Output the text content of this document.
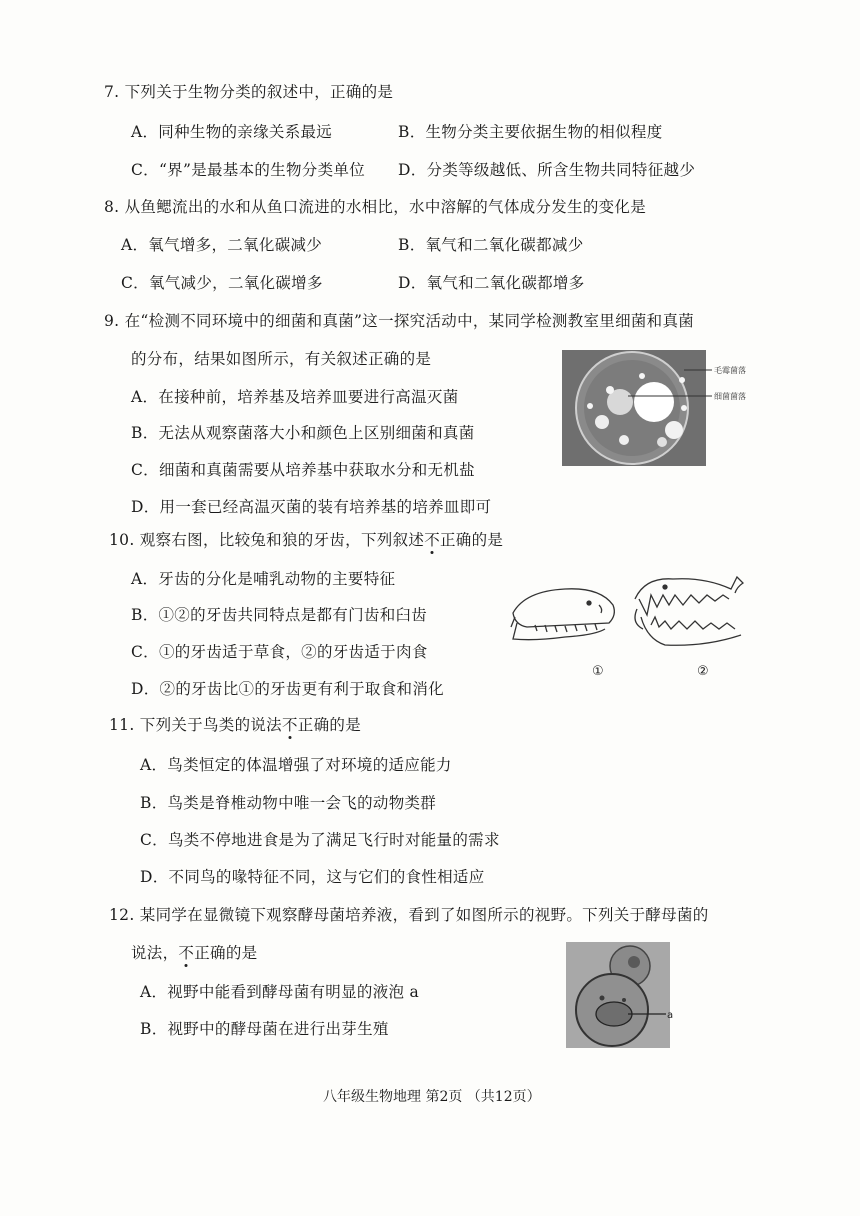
7. 下列关于生物分类的叙述中，正确的是
A．同种生物的亲缘关系最远	B．生物分类主要依据生物的相似程度
C．“界”是最基本的生物分类单位 D．分类等级越低、所含生物共同特征越少
8. 从鱼鳃流出的水和从鱼口流进的水相比，水中溶解的气体成分发生的变化是
A．氧气增多，二氧化碳减少	B．氧气和二氧化碳都减少
C．氧气减少，二氧化碳增多	D．氧气和二氧化碳都增多
9. 在“检测不同环境中的细菌和真菌”这一探究活动中，某同学检测教室里细菌和真菌
的分布，结果如图所示，有关叙述正确的是
A．在接种前，培养基及培养皿要进行高温灭菌
B．无法从观察菌落大小和颜色上区别细菌和真菌
C．细菌和真菌需要从培养基中获取水分和无机盐
D．用一套已经高温灭菌的装有培养基的培养皿即可
毛霉菌落
细菌菌落
10. 观察右图，比较兔和狼的牙齿，下列叙述不正确的是
A．牙齿的分化是哺乳动物的主要特征
B．①②的牙齿共同特点是都有门齿和臼齿
C．①的牙齿适于草食，②的牙齿适于肉食
D．②的牙齿比①的牙齿更有利于取食和消化
①	②
11. 下列关于鸟类的说法不正确的是
A．鸟类恒定的体温增强了对环境的适应能力
B．鸟类是脊椎动物中唯一会飞的动物类群
C．鸟类不停地进食是为了满足飞行时对能量的需求
D．不同鸟的喙特征不同，这与它们的食性相适应
12. 某同学在显微镜下观察酵母菌培养液，看到了如图所示的视野。下列关于酵母菌的
说法，不正确的是
A．视野中能看到酵母菌有明显的液泡 a
B．视野中的酵母菌在进行出芽生殖
a
八年级生物地理 第2页 （共12页）
